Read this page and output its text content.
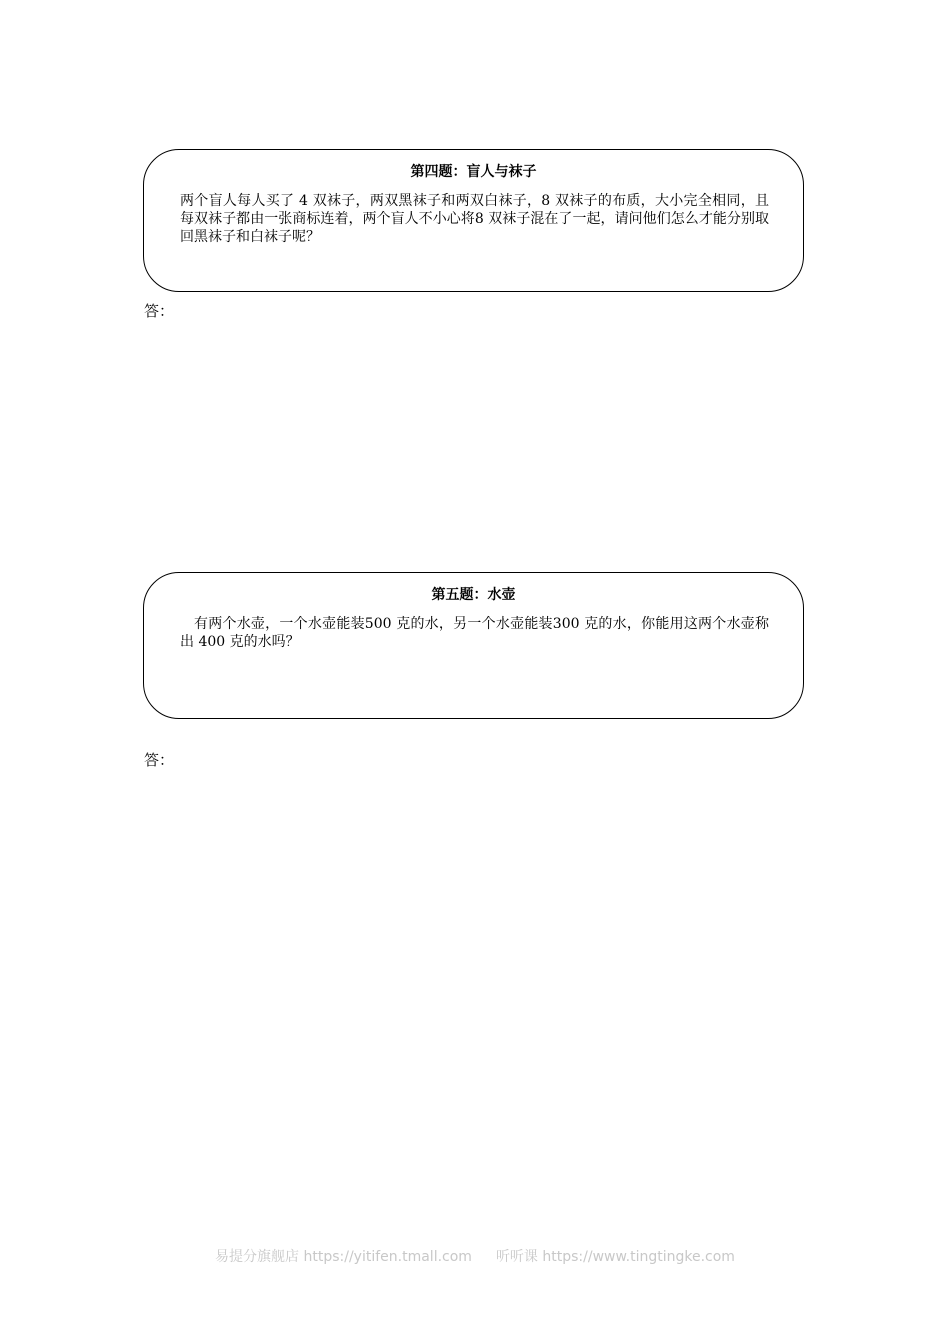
第四题：盲人与袜子
两个盲人每人买了 4 双袜子，两双黑袜子和两双白袜子，8 双袜子的布质，大小完全相同，且每双袜子都由一张商标连着，两个盲人不小心将8 双袜子混在了一起，请问他们怎么才能分别取回黑袜子和白袜子呢？
答：
第五题：水壶
有两个水壶，一个水壶能装500 克的水，另一个水壶能装300 克的水，你能用这两个水壶称出 400 克的水吗？
答：
易提分旗舰店 https://yitifen.tmall.com 听听课 https://www.tingtingke.com
